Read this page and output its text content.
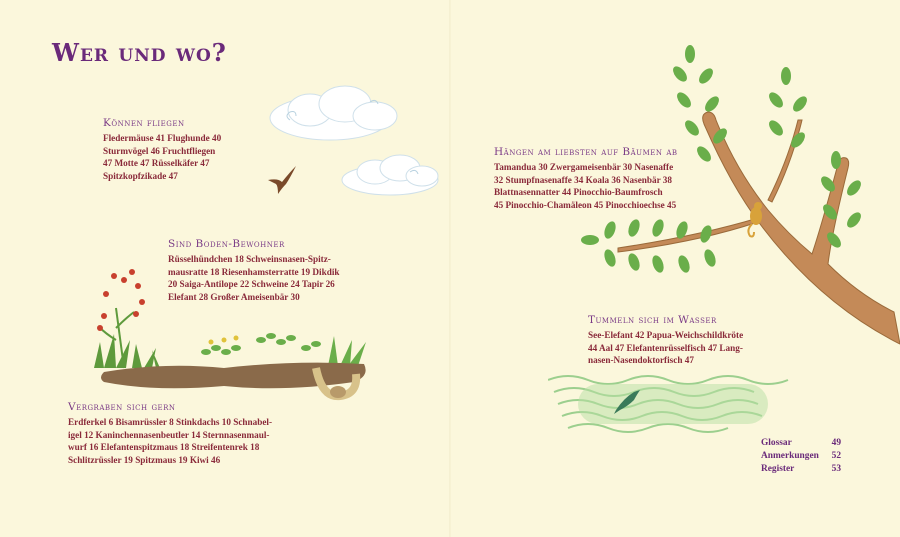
Wer und wo?
Können fliegen
Fledermäuse 41 Flughunde 40
Sturmvögel 46 Fruchtfliegen
47 Motte 47 Rüsselkäfer 47
Spitzkopfzikade 47
Sind Boden-Bewohner
Rüsselhündchen 18 Schweinsnasen-Spitz-
mausratte 18 Riesenhamsterratte 19 Dikdik
20 Saiga-Antilope 22 Schweine 24 Tapir 26
Elefant 28 Großer Ameisenbär 30
Vergraben sich gern
Erdferkel 6 Bisamrüssler 8 Stinkdachs 10 Schnabel-
igel 12 Kaninchennasenbeutler 14 Sternnasenmaul-
wurf 16 Elefantenspitzmaus 18 Streifentenrek 18
Schlitzrüssler 19 Spitzmaus 19 Kiwi 46
Hängen am liebsten auf Bäumen ab
Tamandua 30 Zwergameisenbär 30 Nasenaffe
32 Stumpfnasenaffe 34 Koala 36 Nasenbär 38
Blattnasennatter 44 Pinocchio-Baumfrosch
45 Pinocchio-Chamäleon 45 Pinocchioechse 45
Tummeln sich im Wasser
See-Elefant 42 Papua-Weichschildkröte
44 Aal 47 Elefantenrüsselfisch 47 Lang-
nasen-Nasendoktorfisch 47
Glossar	49
Anmerkungen 52
Register	53
